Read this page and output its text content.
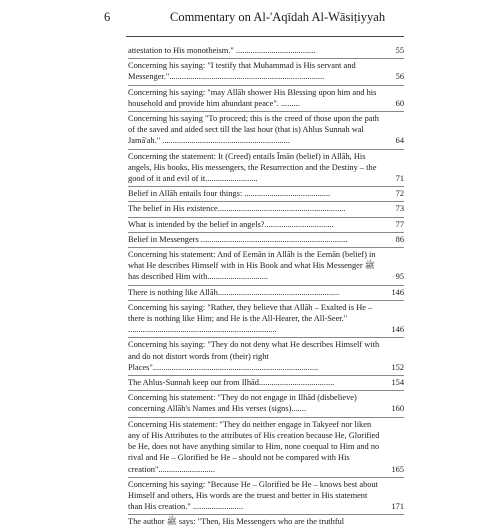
6	Commentary on Al-'Aqīdah Al-Wāsiṭiyyah
attestation to His monotheism." ......................................	55
Concerning his saying: "I testify that Muhammad is His servant and Messenger."..........................................................................	56
Concerning his saying: "may Allāh shower His Blessing upon him and his household and provide him abundant peace". .........	60
Concerning his saying "To proceed; this is the creed of those upon the path of the saved and aided sect till the last hour (that is) Ahlus Sunnah wal Jamā'ah." .............................................................	64
Concerning the statement: It (Creed) entails Īmān (belief) in Allāh, His angels, His books, His messengers, the Resurrection and the Destiny – the good of it and evil of it.........................	71
Belief in Allāh entails four things: .........................................	72
The belief in His existence.............................................................	73
What is intended by the belief in angels?.................................	77
Belief in Messengers ......................................................................	86
Concerning his statement: And of Eemān in Allāh is the Eemān (belief) in what He describes Himself with in His Book and what His Messenger ﷺ has described Him with.............................	95
There is nothing like Allāh..........................................................	146
Concerning his saying: "Rather, they believe that Allāh – Exalted is He – there is nothing like Him; and He is the All-Hearer, the All-Seer." .......................................................................	146
Concerning his saying: "They do not deny what He describes Himself with and do not distort words from (their) right Places"...............................................................................	152
The Ahlus-Sunnah keep out from Ilhād....................................	154
Concerning his statement: "They do not engage in Ilhād (disbelieve) concerning Allāh's Names and His verses (signs).......	160
Concerning His statement: "They do neither engage in Takyeef nor liken any of His Attributes to the attributes of His creation because He, Glorified be He, does not have anything similar to Him, none coequal to Him and no rival and He – Glorified be He – should not be compared with His creation"...........................	165
Concerning his saying: "Because He – Glorified be He – knows best about Himself and others, His words are the truest and better in His statement than His creation." ........................	171
The author ﷺ says: "Then, His Messengers who are the truthful
